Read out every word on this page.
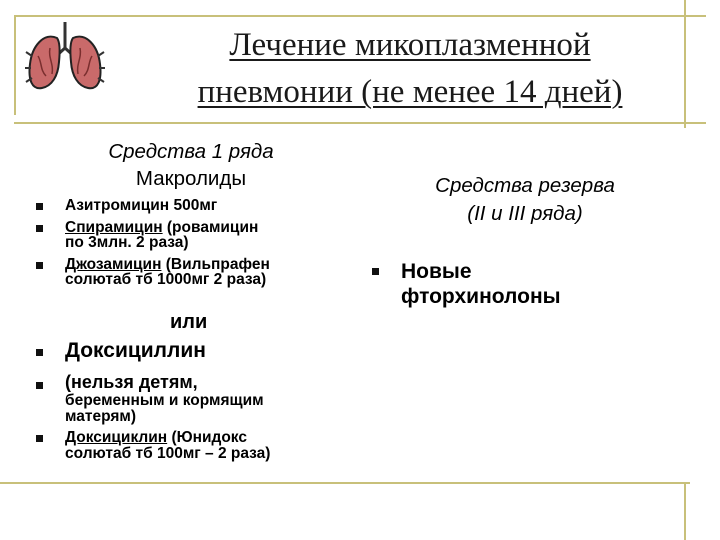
Лечение микоплазменной
пневмонии (не менее 14 дней)
Средства 1 ряда
Макролиды
Азитромицин 500мг
Спирамицин (ровамицин
по 3млн. 2 раза)
Джозамицин (Вильпрафен
солютаб тб 1000мг 2 раза)
или
Доксициллин
(нельзя детям,
беременным и кормящим
матерям)
Доксициклин (Юнидокс
солютаб тб 100мг – 2 раза)
Средства резерва
(II и III ряда)
Новые
фторхинолоны
